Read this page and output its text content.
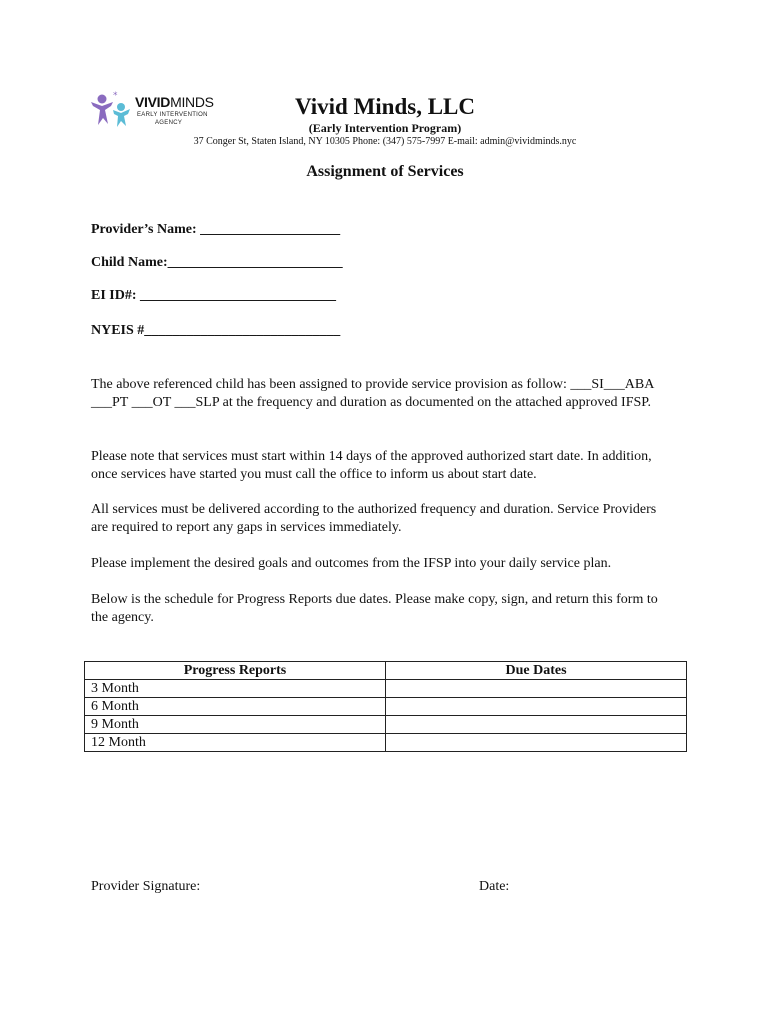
* VIVIDMINDS
EARLY INTERVENTION
AGENCY
Vivid Minds, LLC
(Early Intervention Program)
37 Conger St, Staten Island, NY 10305 Phone: (347) 575-7997 E-mail: admin@vividminds.nyc
Assignment of Services
Provider’s Name: ____________________
Child Name:_________________________
EI ID#: ____________________________
NYEIS #____________________________
The above referenced child has been assigned to provide service provision as follow: ___SI___ABA ___PT ___OT ___SLP at the frequency and duration as documented on the attached approved IFSP.
Please note that services must start within 14 days of the approved authorized start date. In addition, once services have started you must call the office to inform us about start date.
All services must be delivered according to the authorized frequency and duration. Service Providers are required to report any gaps in services immediately.
Please implement the desired goals and outcomes from the IFSP into your daily service plan.
Below is the schedule for Progress Reports due dates. Please make copy, sign, and return this form to the agency.
Progress Reports	Due Dates
3 Month	
6 Month	
9 Month	
12 Month	
Provider Signature:	Date:
